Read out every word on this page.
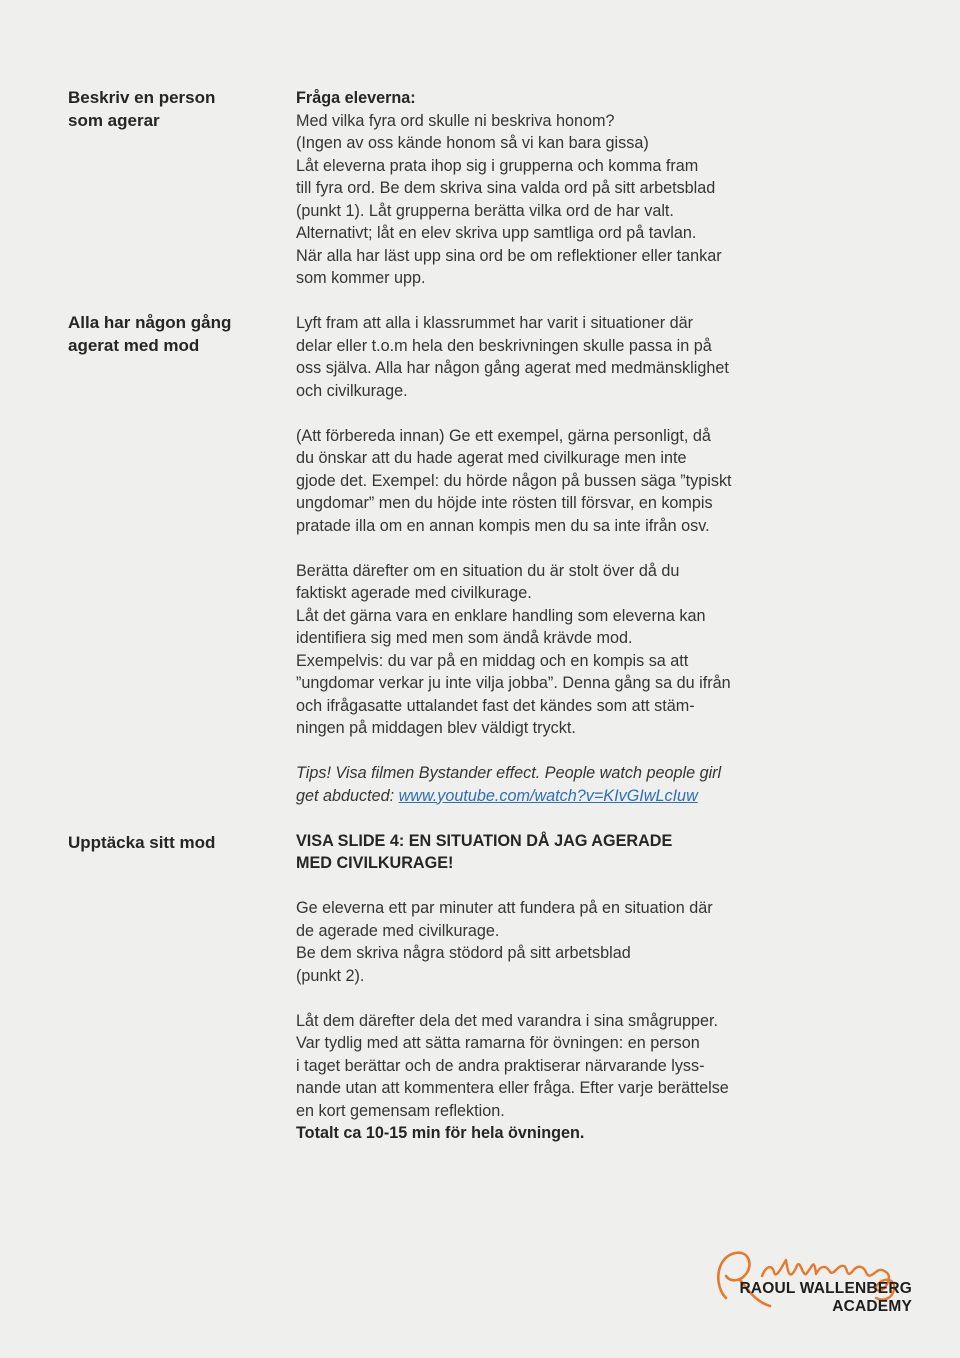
Beskriv en person
som agerar
Alla har någon gång
agerat med mod
Upptäcka sitt mod

Fråga eleverna:
Med vilka fyra ord skulle ni beskriva honom?
(Ingen av oss kände honom så vi kan bara gissa)
Låt eleverna prata ihop sig i grupperna och komma fram
till fyra ord. Be dem skriva sina valda ord på sitt arbetsblad
(punkt 1). Låt grupperna berätta vilka ord de har valt.
Alternativt; låt en elev skriva upp samtliga ord på tavlan.
När alla har läst upp sina ord be om reflektioner eller tankar
som kommer upp.

Lyft fram att alla i klassrummet har varit i situationer där
delar eller t.o.m hela den beskrivningen skulle passa in på
oss själva. Alla har någon gång agerat med medmänsklighet
och civilkurage.

(Att förbereda innan) Ge ett exempel, gärna personligt, då
du önskar att du hade agerat med civilkurage men inte
gjode det. Exempel: du hörde någon på bussen säga ”typiskt
ungdomar” men du höjde inte rösten till försvar, en kompis
pratade illa om en annan kompis men du sa inte ifrån osv.

Berätta därefter om en situation du är stolt över då du
faktiskt agerade med civilkurage.
Låt det gärna vara en enklare handling som eleverna kan
identifiera sig med men som ändå krävde mod.
Exempelvis: du var på en middag och en kompis sa att
”ungdomar verkar ju inte vilja jobba”. Denna gång sa du ifrån
och ifrågasatte uttalandet fast det kändes som att stäm-
ningen på middagen blev väldigt tryckt.

Tips! Visa filmen Bystander effect. People watch people girl
get abducted: www.youtube.com/watch?v=KIvGIwLcIuw

VISA SLIDE 4: EN SITUATION DÅ JAG AGERADE
MED CIVILKURAGE!

Ge eleverna ett par minuter att fundera på en situation där
de agerade med civilkurage.
Be dem skriva några stödord på sitt arbetsblad
(punkt 2).

Låt dem därefter dela det med varandra i sina smågrupper.
Var tydlig med att sätta ramarna för övningen: en person
i taget berättar och de andra praktiserar närvarande lyss-
nande utan att kommentera eller fråga. Efter varje berättelse
en kort gemensam reflektion.
Totalt ca 10-15 min för hela övningen.

RAOUL WALLENBERG
ACADEMY
